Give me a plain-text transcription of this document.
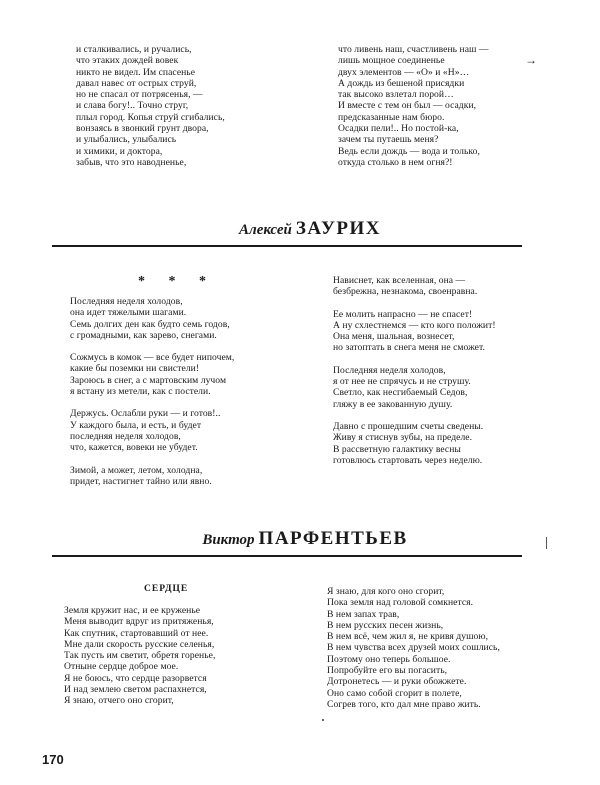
и сталкивались, и ручались,
что этаких дождей вовек
никто не видел. Им спасенье
давал навес от острых струй,
но не спасал от потрясенья, —
и слава богу!.. Точно струг,
плыл город. Копья струй сгибались,
вонзаясь в звонкий грунт двора,
и улыбались, улыбались
и химики, и доктора,
забыв, что это наводненье,
что ливень наш, счастливень наш —
лишь мощное соединенье
двух элементов — «О» и «Н»…
А дождь из бешеной присядки
так высоко взлетал порой…
И вместе с тем он был — осадки,
предсказанные нам бюро.
Осадки пели!.. Но постой-ка,
зачем ты путаешь меня?
Ведь если дождь — вода и только,
откуда столько в нем огня?!
→
Алексей ЗАУРИХ
* * *
Последняя неделя холодов,
она идет тяжелыми шагами.
Семь долгих ден как будто семь годов,
с громадными, как зарево, снегами.
Сожмусь в комок — все будет нипочем,
какие бы поземки ни свистели!
Зароюсь в снег, а с мартовским лучом
я встану из метели, как с постели.
Держусь. Ослабли руки — и готов!..
У каждого была, и есть, и будет
последняя неделя холодов,
что, кажется, вовеки не убудет.
Зимой, а может, летом, холодна,
придет, настигнет тайно или явно.
Нависнет, как вселенная, она —
безбрежна, незнакома, своенравна.
Ее молить напрасно — не спасет!
А ну схлестнемся — кто кого положит!
Она меня, шальная, вознесет,
но затоптать в снега меня не сможет.
Последняя неделя холодов,
я от нее не спрячусь и не струшу.
Светло, как несгибаемый Седов,
гляжу в ее закованную душу.
Давно с прошедшим счеты сведены.
Живу я стиснув зубы, на пределе.
В рассветную галактику весны
готовлюсь стартовать через неделю.
Виктор ПАРФЕНТЬЕВ
СЕРДЦЕ
Земля кружит нас, и ее круженье
Меня выводит вдруг из притяженья,
Как спутник, стартовавший от нее.
Мне дали скорость русские селенья,
Так пусть им светит, обретя горенье,
Отныне сердце доброе мое.
Я не боюсь, что сердце разорвется
И над землею светом распахнется,
Я знаю, отчего оно сгорит,
Я знаю, для кого оно сгорит,
Пока земля над головой сомкнется.
В нем запах трав,
В нем русских песен жизнь,
В нем всё, чем жил я, не кривя душою,
В нем чувства всех друзей моих сошлись,
Поэтому оно теперь большое.
Попробуйте его вы погасить,
Дотронетесь — и руки обожжете.
Оно само собой сгорит в полете,
Согрев того, кто дал мне право жить.
170
